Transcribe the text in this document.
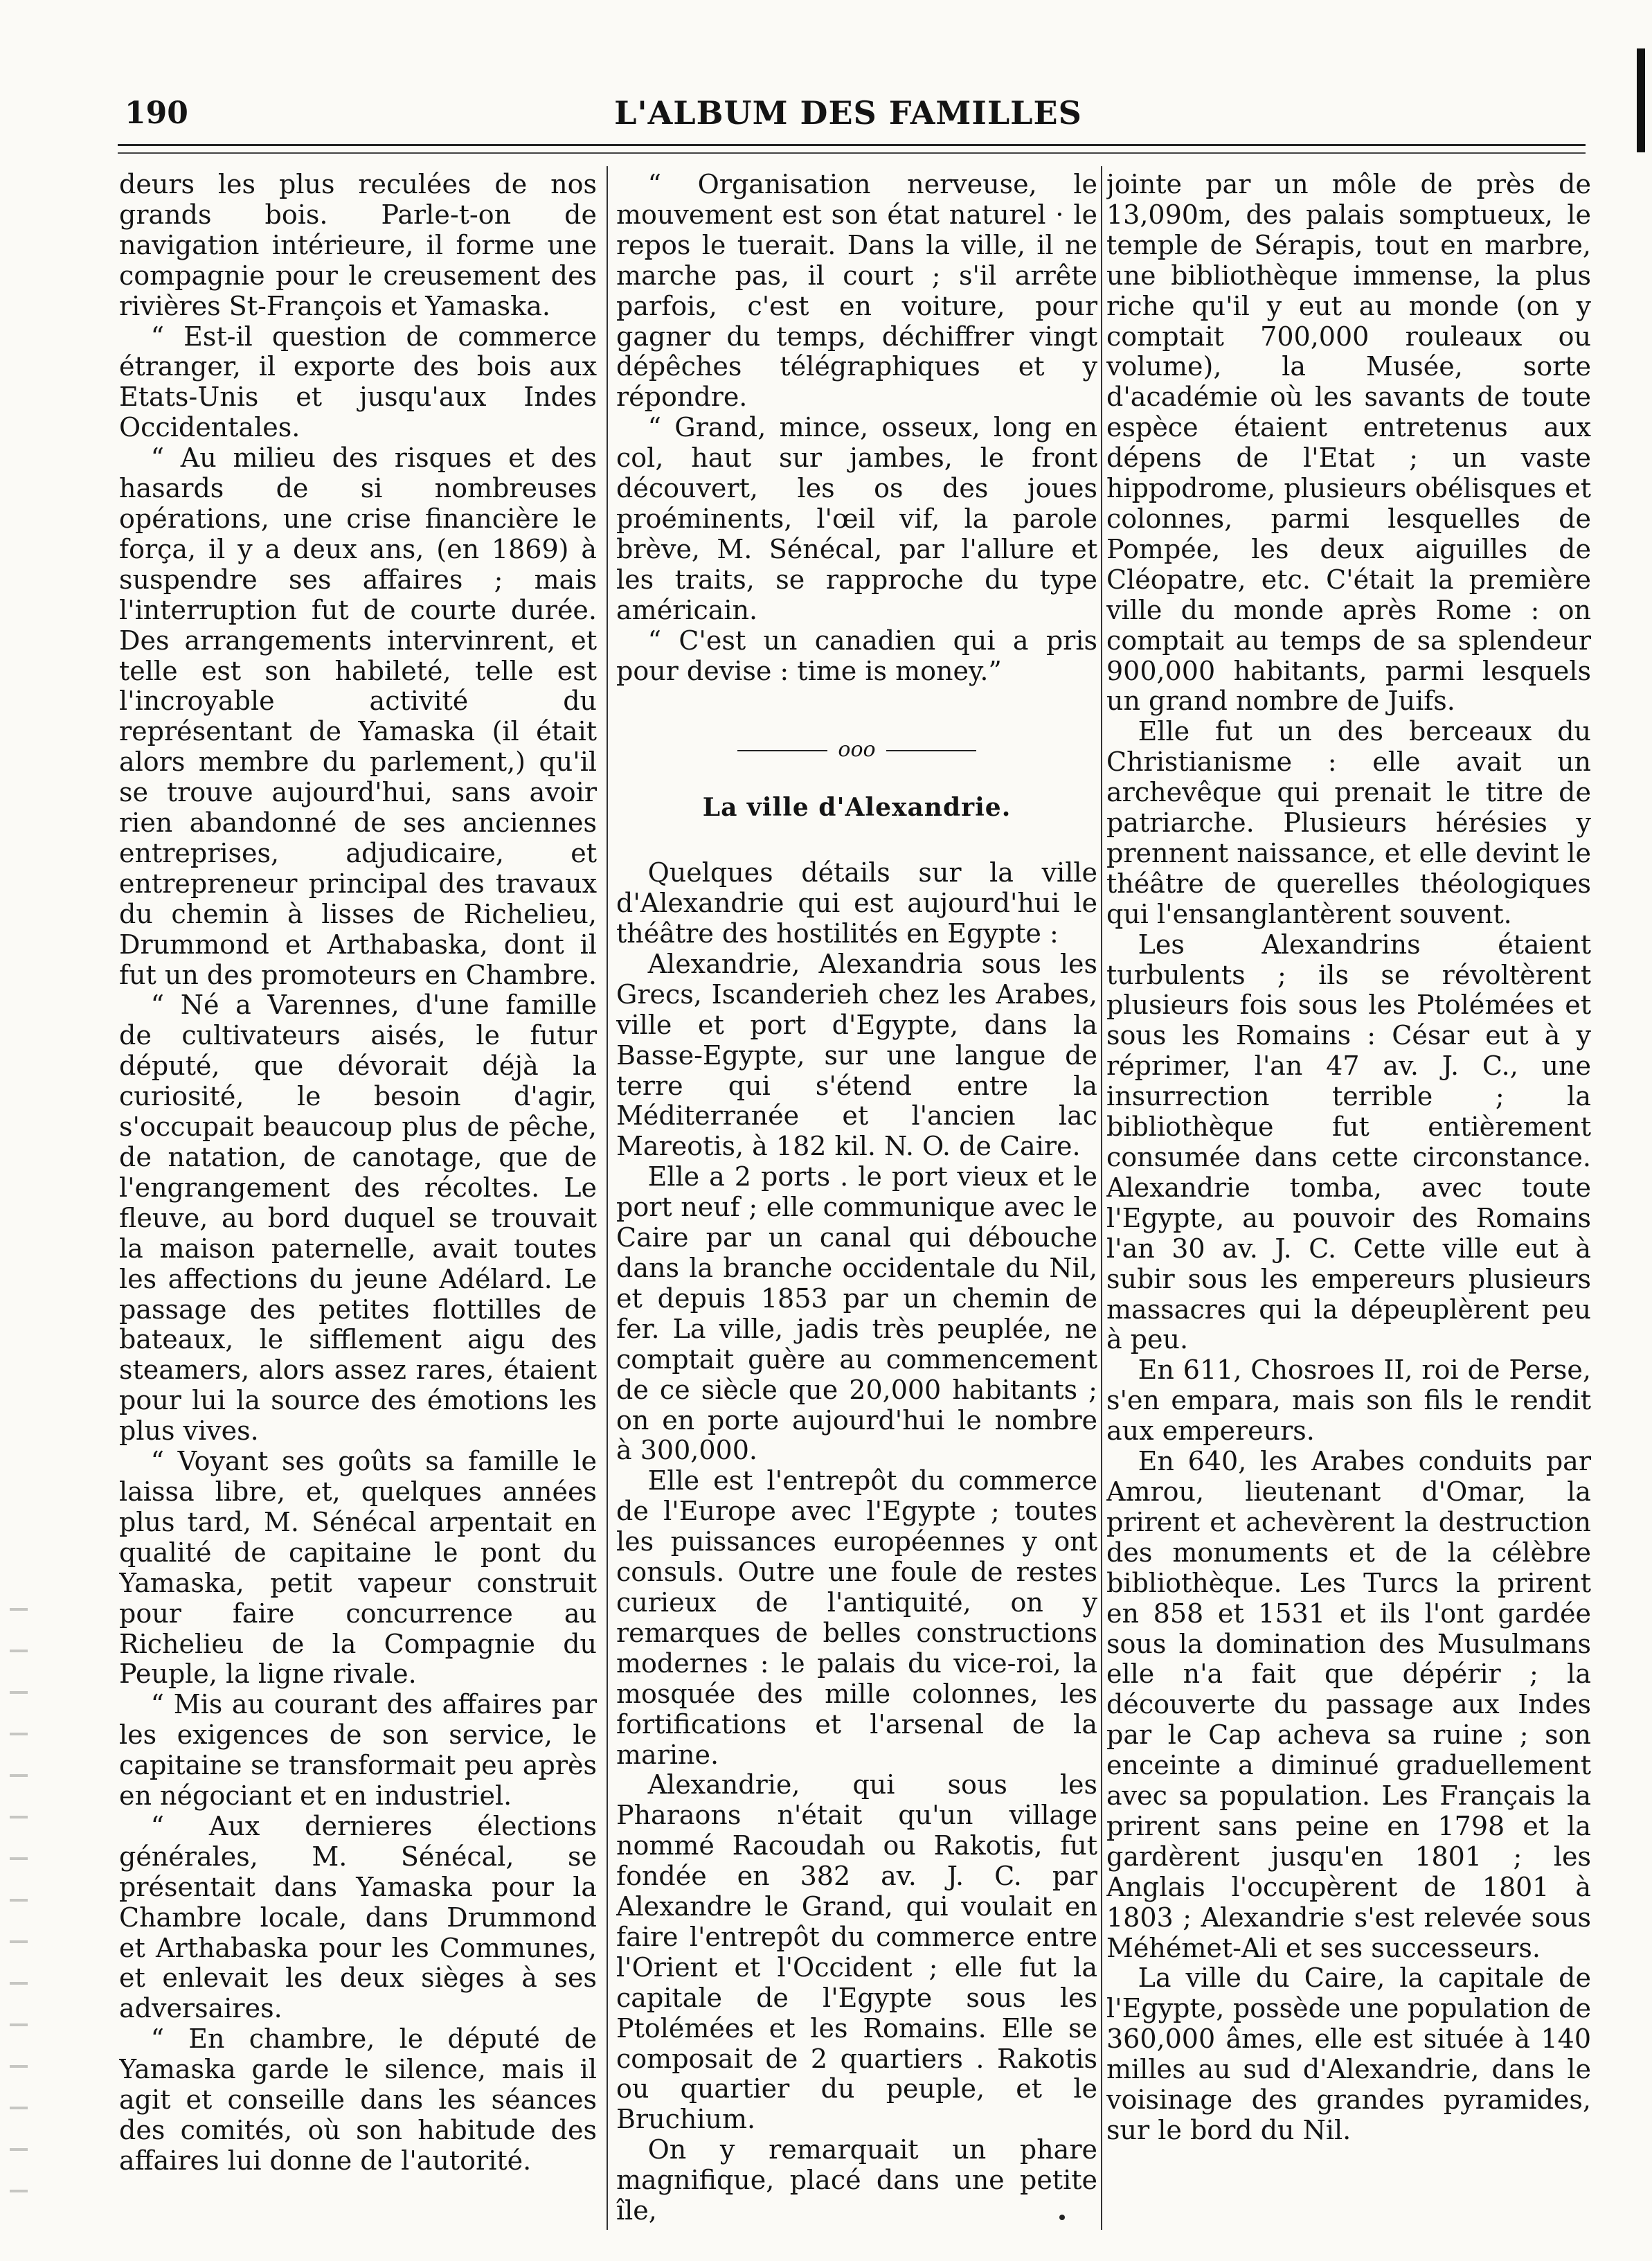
190	L'ALBUM DES FAMILLES

deurs les plus reculées de nos grands bois. Parle-t-on de navigation intérieure, il forme une compagnie pour le creusement des rivières St-François et Yamaska.

“ Est-il question de commerce étranger, il exporte des bois aux Etats-Unis et jusqu'aux Indes Occidentales.

“ Au milieu des risques et des hasards de si nombreuses opérations, une crise financière le força, il y a deux ans, (en 1869) à suspendre ses affaires ; mais l'interruption fut de courte durée. Des arrangements intervinrent, et telle est son habileté, telle est l'incroyable activité du représentant de Yamaska (il était alors membre du parlement,) qu'il se trouve aujourd'hui, sans avoir rien abandonné de ses anciennes entreprises, adjudicaire, et entrepreneur principal des travaux du chemin à lisses de Richelieu, Drummond et Arthabaska, dont il fut un des promoteurs en Chambre.

“ Né a Varennes, d'une famille de cultivateurs aisés, le futur député, que dévorait déjà la curiosité, le besoin d'agir, s'occupait beaucoup plus de pêche, de natation, de canotage, que de l'engrangement des récoltes. Le fleuve, au bord duquel se trouvait la maison paternelle, avait toutes les affections du jeune Adélard. Le passage des petites flottilles de bateaux, le sifflement aigu des steamers, alors assez rares, étaient pour lui la source des émotions les plus vives.

“ Voyant ses goûts sa famille le laissa libre, et, quelques années plus tard, M. Sénécal arpentait en qualité de capitaine le pont du Yamaska, petit vapeur construit pour faire concurrence au Richelieu de la Compagnie du Peuple, la ligne rivale.

“ Mis au courant des affaires par les exigences de son service, le capitaine se transformait peu après en négociant et en industriel.

“ Aux dernieres élections générales, M. Sénécal, se présentait dans Yamaska pour la Chambre locale, dans Drummond et Arthabaska pour les Communes, et enlevait les deux sièges à ses adversaires.

“ En chambre, le député de Yamaska garde le silence, mais il agit et conseille dans les séances des comités, où son habitude des affaires lui donne de l'autorité.

“ Organisation nerveuse, le mouvement est son état naturel · le repos le tuerait. Dans la ville, il ne marche pas, il court ; s'il arrête parfois, c'est en voiture, pour gagner du temps, déchiffrer vingt dépêches télégraphiques et y répondre.

“ Grand, mince, osseux, long en col, haut sur jambes, le front découvert, les os des joues proéminents, l'œil vif, la parole brève, M. Sénécal, par l'allure et les traits, se rapproche du type américain.

“ C'est un canadien qui a pris pour devise : time is money.”

ooo
La ville d'Alexandrie.

Quelques détails sur la ville d'Alexandrie qui est aujourd'hui le théâtre des hostilités en Egypte :

Alexandrie, Alexandria sous les Grecs, Iscanderieh chez les Arabes, ville et port d'Egypte, dans la Basse-Egypte, sur une langue de terre qui s'étend entre la Méditerranée et l'ancien lac Mareotis, à 182 kil. N. O. de Caire.

Elle a 2 ports . le port vieux et le port neuf ; elle communique avec le Caire par un canal qui débouche dans la branche occidentale du Nil, et depuis 1853 par un chemin de fer. La ville, jadis très peuplée, ne comptait guère au commencement de ce siècle que 20,000 habitants ; on en porte aujourd'hui le nombre à 300,000.

Elle est l'entrepôt du commerce de l'Europe avec l'Egypte ; toutes les puissances européennes y ont consuls. Outre une foule de restes curieux de l'antiquité, on y remarques de belles constructions modernes : le palais du vice-roi, la mosquée des mille colonnes, les fortifications et l'arsenal de la marine.

Alexandrie, qui sous les Pharaons n'était qu'un village nommé Racoudah ou Rakotis, fut fondée en 382 av. J. C. par Alexandre le Grand, qui voulait en faire l'entrepôt du commerce entre l'Orient et l'Occident ; elle fut la capitale de l'Egypte sous les Ptolémées et les Romains. Elle se composait de 2 quartiers . Rakotis ou quartier du peuple, et le Bruchium.

On y remarquait un phare magnifique, placé dans une petite île,

jointe par un môle de près de 13,090m, des palais somptueux, le temple de Sérapis, tout en marbre, une bibliothèque immense, la plus riche qu'il y eut au monde (on y comptait 700,000 rouleaux ou volume), la Musée, sorte d'académie où les savants de toute espèce étaient entretenus aux dépens de l'Etat ; un vaste hippodrome, plusieurs obélisques et colonnes, parmi lesquelles de Pompée, les deux aiguilles de Cléopatre, etc. C'était la première ville du monde après Rome : on comptait au temps de sa splendeur 900,000 habitants, parmi lesquels un grand nombre de Juifs.

Elle fut un des berceaux du Christianisme : elle avait un archevêque qui prenait le titre de patriarche. Plusieurs hérésies y prennent naissance, et elle devint le théâtre de querelles théologiques qui l'ensanglantèrent souvent.

Les Alexandrins étaient turbulents ; ils se révoltèrent plusieurs fois sous les Ptolémées et sous les Romains : César eut à y réprimer, l'an 47 av. J. C., une insurrection terrible ; la bibliothèque fut entièrement consumée dans cette circonstance. Alexandrie tomba, avec toute l'Egypte, au pouvoir des Romains l'an 30 av. J. C. Cette ville eut à subir sous les empereurs plusieurs massacres qui la dépeuplèrent peu à peu.

En 611, Chosroes II, roi de Perse, s'en empara, mais son fils le rendit aux empereurs.

En 640, les Arabes conduits par Amrou, lieutenant d'Omar, la prirent et achevèrent la destruction des monuments et de la célèbre bibliothèque. Les Turcs la prirent en 858 et 1531 et ils l'ont gardée sous la domination des Musulmans elle n'a fait que dépérir ; la découverte du passage aux Indes par le Cap acheva sa ruine ; son enceinte a diminué graduellement avec sa population. Les Français la prirent sans peine en 1798 et la gardèrent jusqu'en 1801 ; les Anglais l'occupèrent de 1801 à 1803 ; Alexandrie s'est relevée sous Méhémet-Ali et ses successeurs.

La ville du Caire, la capitale de l'Egypte, possède une population de 360,000 âmes, elle est située à 140 milles au sud d'Alexandrie, dans le voisinage des grandes pyramides, sur le bord du Nil.
